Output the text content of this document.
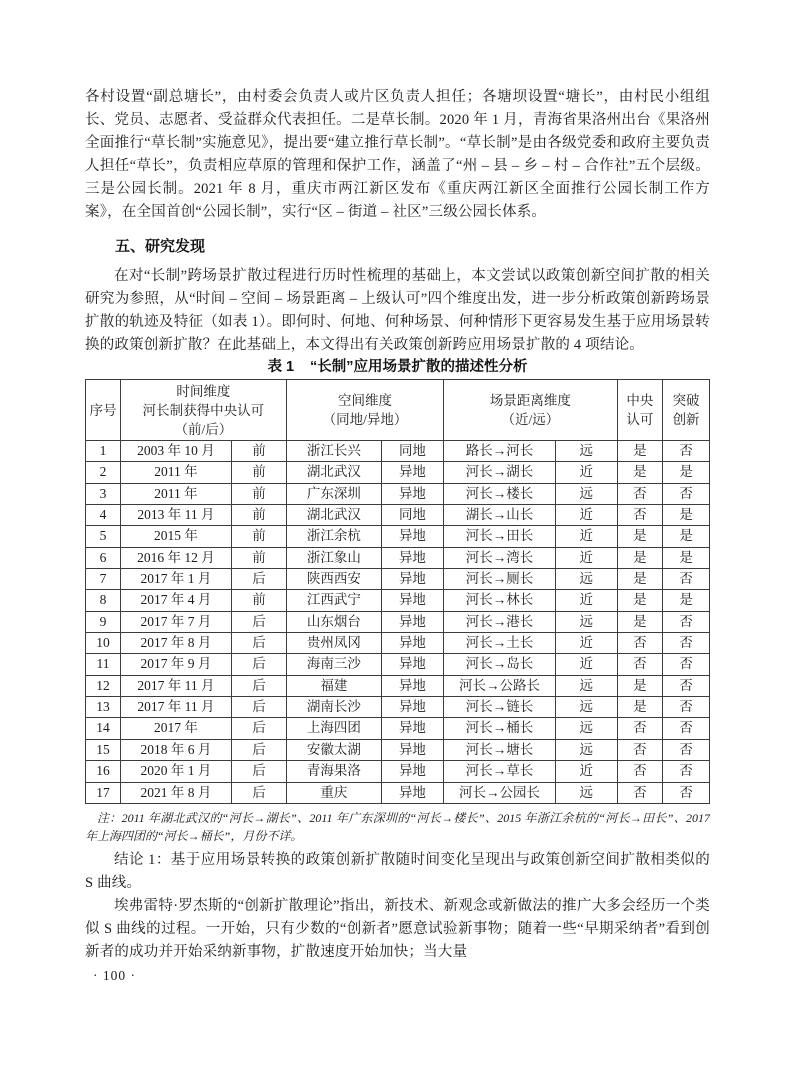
各村设置“副总塘长”，由村委会负责人或片区负责人担任；各塘坝设置“塘长”，由村民小组组长、党员、志愿者、受益群众代表担任。二是草长制。2020 年 1 月，青海省果洛州出台《果洛州全面推行“草长制”实施意见》，提出要“建立推行草长制”。“草长制”是由各级党委和政府主要负责人担任“草长”，负责相应草原的管理和保护工作，涵盖了“州 – 县 – 乡 – 村 – 合作社”五个层级。三是公园长制。2021 年 8 月，重庆市两江新区发布《重庆两江新区全面推行公园长制工作方案》，在全国首创“公园长制”，实行“区 – 街道 – 社区”三级公园长体系。

五、研究发现

在对“长制”跨场景扩散过程进行历时性梳理的基础上，本文尝试以政策创新空间扩散的相关研究为参照，从“时间 – 空间 – 场景距离 – 上级认可”四个维度出发，进一步分析政策创新跨场景扩散的轨迹及特征（如表 1）。即何时、何地、何种场景、何种情形下更容易发生基于应用场景转换的政策创新扩散？在此基础上，本文得出有关政策创新跨应用场景扩散的 4 项结论。

表 1 “长制”应用场景扩散的描述性分析
序号	时间维度
河长制获得中央认可
（前/后）		空间维度
（同地/异地）		场景距离维度
（近/远）		中央
认可	突破
创新
1	2003 年 10 月	前	浙江长兴	同地	路长→河长	远	是	否
2	2011 年	前	湖北武汉	异地	河长→湖长	近	是	是
3	2011 年	前	广东深圳	异地	河长→楼长	远	否	否
4	2013 年 11 月	前	湖北武汉	同地	湖长→山长	近	否	是
5	2015 年	前	浙江余杭	异地	河长→田长	近	是	是
6	2016 年 12 月	前	浙江象山	异地	河长→湾长	近	是	是
7	2017 年 1 月	后	陕西西安	异地	河长→厕长	远	是	否
8	2017 年 4 月	前	江西武宁	异地	河长→林长	近	是	是
9	2017 年 7 月	后	山东烟台	异地	河长→港长	远	是	否
10	2017 年 8 月	后	贵州凤冈	异地	河长→土长	近	否	否
11	2017 年 9 月	后	海南三沙	异地	河长→岛长	近	否	否
12	2017 年 11 月	后	福建	异地	河长→公路长	远	是	否
13	2017 年 11 月	后	湖南长沙	异地	河长→链长	远	是	否
14	2017 年	后	上海四团	异地	河长→桶长	远	否	否
15	2018 年 6 月	后	安徽太湖	异地	河长→塘长	远	否	否
16	2020 年 1 月	后	青海果洛	异地	河长→草长	近	否	否
17	2021 年 8 月	后	重庆	异地	河长→公园长	远	否	否

注：2011 年湖北武汉的“河长→湖长”、2011 年广东深圳的“河长→楼长”、2015 年浙江余杭的“河长→田长”、2017 年上海四团的“河长→桶长”，月份不详。

结论 1：基于应用场景转换的政策创新扩散随时间变化呈现出与政策创新空间扩散相类似的 S 曲线。

埃弗雷特·罗杰斯的“创新扩散理论”指出，新技术、新观念或新做法的推广大多会经历一个类似 S 曲线的过程。一开始，只有少数的“创新者”愿意试验新事物；随着一些“早期采纳者”看到创新者的成功并开始采纳新事物，扩散速度开始加快；当大量

· 100 ·
